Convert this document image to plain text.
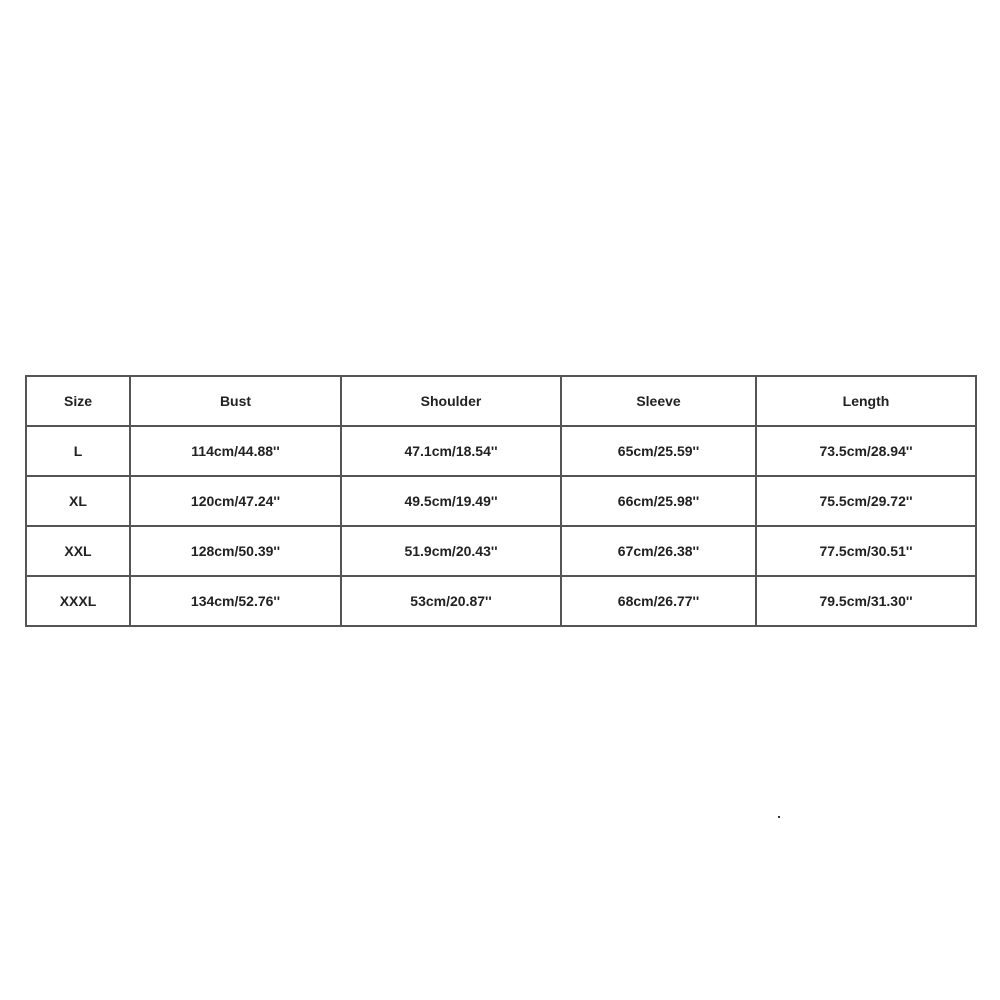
Size	Bust	Shoulder	Sleeve	Length
L	114cm/44.88''	47.1cm/18.54''	65cm/25.59''	73.5cm/28.94''
XL	120cm/47.24''	49.5cm/19.49''	66cm/25.98''	75.5cm/29.72''
XXL	128cm/50.39''	51.9cm/20.43''	67cm/26.38''	77.5cm/30.51''
XXXL	134cm/52.76''	53cm/20.87''	68cm/26.77''	79.5cm/31.30''
